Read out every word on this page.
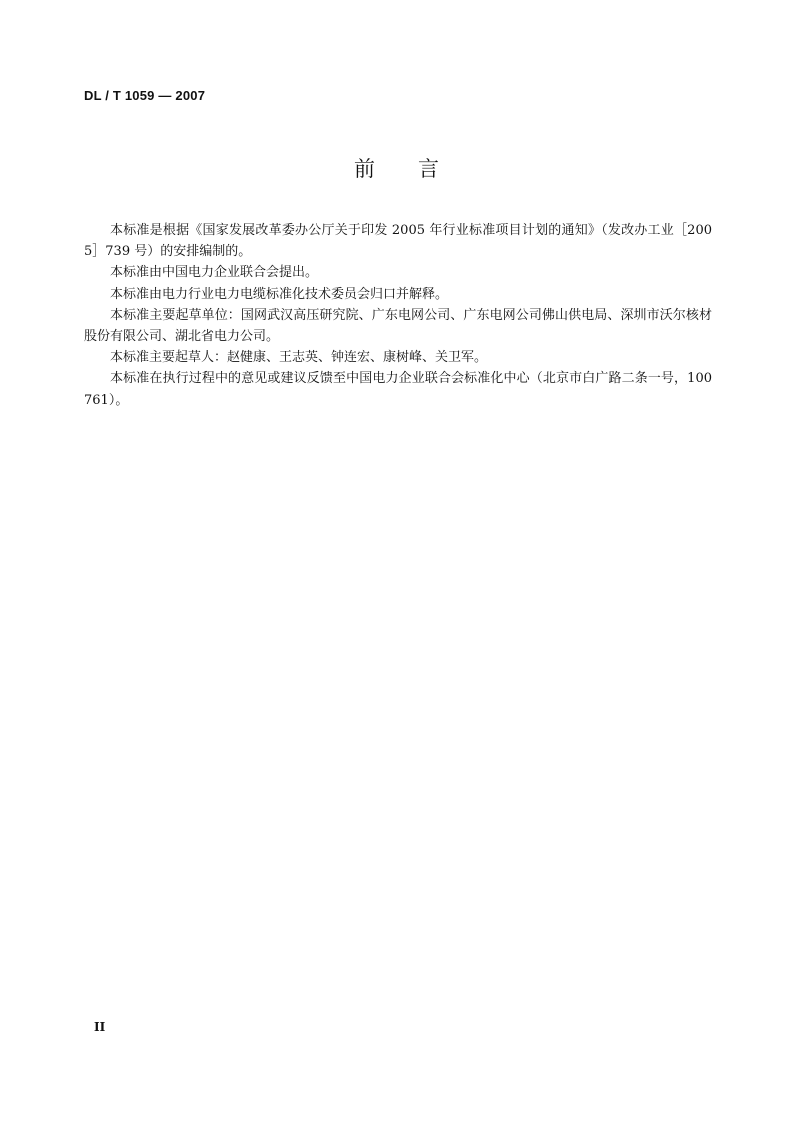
DL / T 1059 — 2007
前 言

本标准是根据《国家发展改革委办公厅关于印发 2005 年行业标准项目计划的通知》（发改办工业［2005］739 号）的安排编制的。

本标准由中国电力企业联合会提出。

本标准由电力行业电力电缆标准化技术委员会归口并解释。

本标准主要起草单位：国网武汉高压研究院、广东电网公司、广东电网公司佛山供电局、深圳市沃尔核材股份有限公司、湖北省电力公司。

本标准主要起草人：赵健康、王志英、钟连宏、康树峰、关卫军。

本标准在执行过程中的意见或建议反馈至中国电力企业联合会标准化中心（北京市白广路二条一号，100761）。

II
